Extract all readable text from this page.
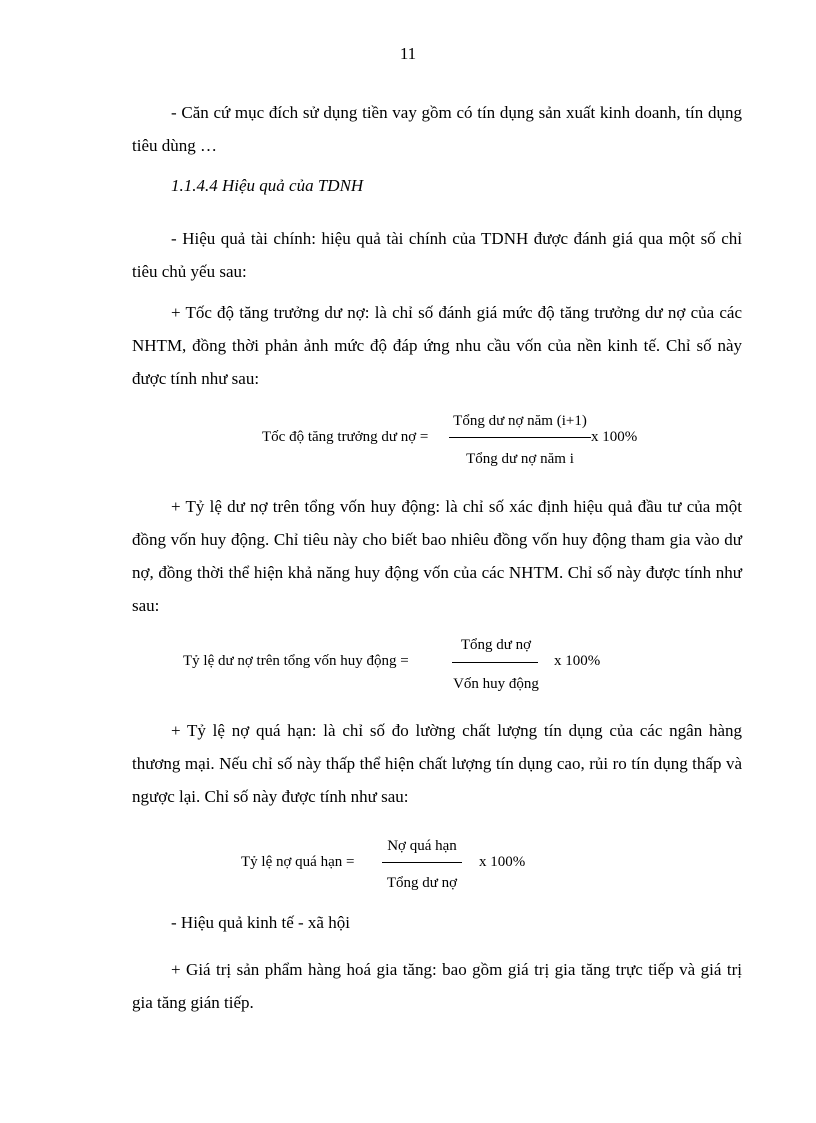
11

- Căn cứ mục đích sử dụng tiền vay gồm có tín dụng sản xuất kinh doanh, tín dụng tiêu dùng …

1.1.4.4 Hiệu quả của TDNH

- Hiệu quả tài chính: hiệu quả tài chính của TDNH được đánh giá qua một số chỉ tiêu chủ yếu sau:

+ Tốc độ tăng trưởng dư nợ: là chỉ số đánh giá mức độ tăng trưởng dư nợ của các NHTM, đồng thời phản ảnh mức độ đáp ứng nhu cầu vốn của nền kinh tế. Chỉ số này được tính như sau:

Tốc độ tăng trưởng dư nợ =
Tổng dư nợ năm (i+1)
Tổng dư nợ năm i
x 100%

+ Tỷ lệ dư nợ trên tổng vốn huy động: là chỉ số xác định hiệu quả đầu tư của một đồng vốn huy động. Chỉ tiêu này cho biết bao nhiêu đồng vốn huy động tham gia vào dư nợ, đồng thời thể hiện khả năng huy động vốn của các NHTM. Chỉ số này được tính như sau:

Tỷ lệ dư nợ trên tổng vốn huy động =
Tổng dư nợ
Vốn huy động
x 100%

+ Tỷ lệ nợ quá hạn: là chỉ số đo lường chất lượng tín dụng của các ngân hàng thương mại. Nếu chỉ số này thấp thể hiện chất lượng tín dụng cao, rủi ro tín dụng thấp và ngược lại. Chỉ số này được tính như sau:

Tỷ lệ nợ quá hạn =
Nợ quá hạn
Tổng dư nợ
x 100%

- Hiệu quả kinh tế - xã hội

+ Giá trị sản phẩm hàng hoá gia tăng: bao gồm giá trị gia tăng trực tiếp và giá trị gia tăng gián tiếp.
